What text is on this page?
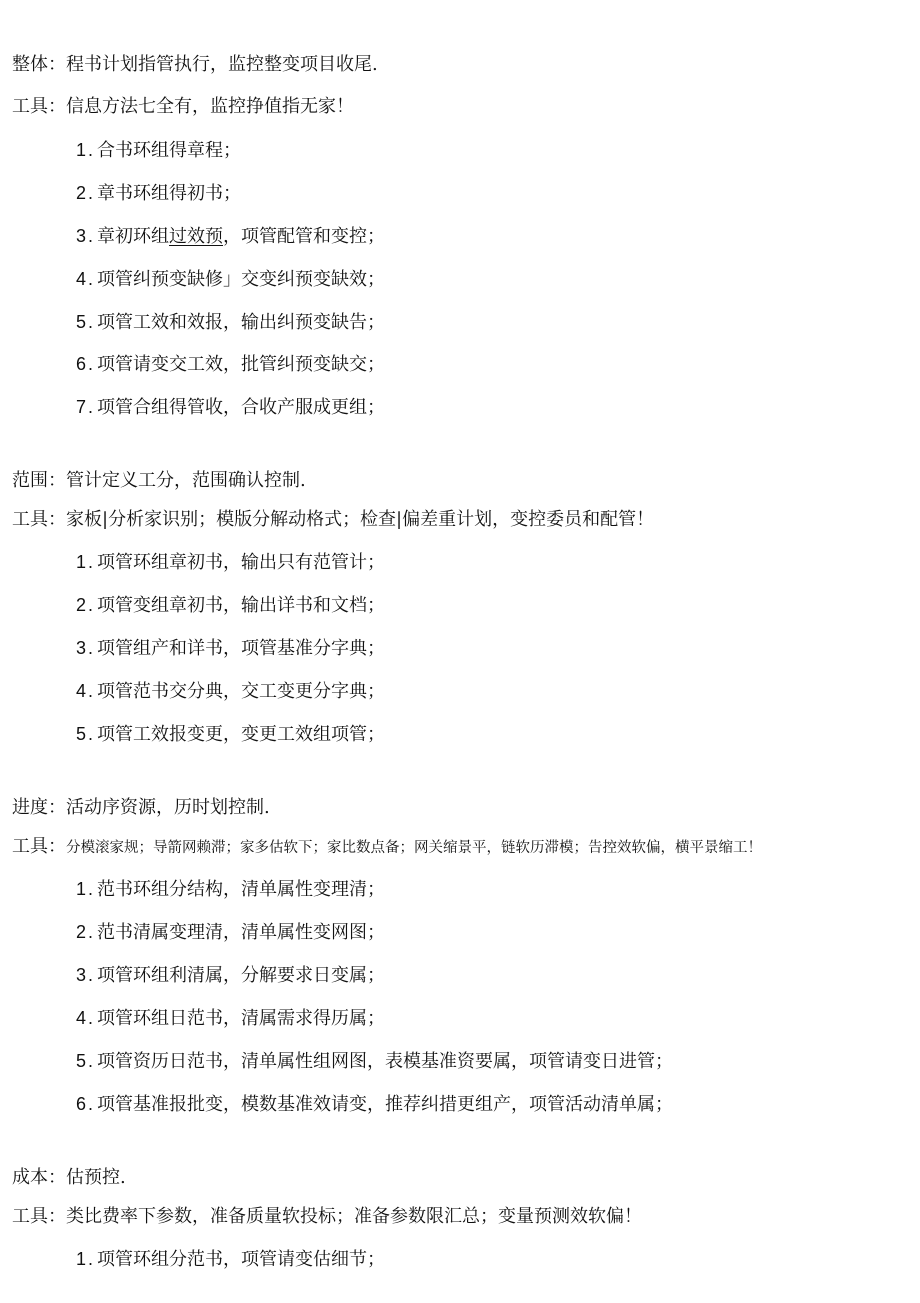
整体：程书计划指管执行，监控整变项目收尾.
工具：信息方法七全有，监控挣值指无家！
1 . 合书环组得章程；
2 . 章书环组得初书；
3 . 章初环组过效预，项管配管和变控；
4 . 项管纠预变缺修」交变纠预变缺效；
5 . 项管工效和效报，输出纠预变缺告；
6 . 项管请变交工效，批管纠预变缺交；
7 . 项管合组得管收，合收产服成更组；
范围：管计定义工分，范围确认控制.
工具：家板|分析家识别；模版分解动格式；检查|偏差重计划，变控委员和配管！
1 . 项管环组章初书，输出只有范管计；
2 . 项管变组章初书，输出详书和文档；
3 . 项管组产和详书，项管基准分字典；
4 . 项管范书交分典，交工变更分字典；
5 . 项管工效报变更，变更工效组项管；
进度：活动序资源，历时划控制.
工具：分模滚家规；导箭网赖滞；家多估软下；家比数点备；网关缩景平，链软历滞模；告控效软偏，横平景缩工！
1 . 范书环组分结构，清单属性变理清；
2 . 范书清属变理清，清单属性变网图；
3 . 项管环组利清属，分解要求日变属；
4 . 项管环组日范书，清属需求得历属；
5 . 项管资历日范书，清单属性组网图，表模基准资要属，项管请变日进管；
6 . 项管基准报批变，模数基准效请变，推荐纠措更组产，项管活动清单属；
成本：估预控.
工具：类比费率下参数，准备质量软投标；准备参数限汇总；变量预测效软偏！
1 . 项管环组分范书，项管请变估细节；
